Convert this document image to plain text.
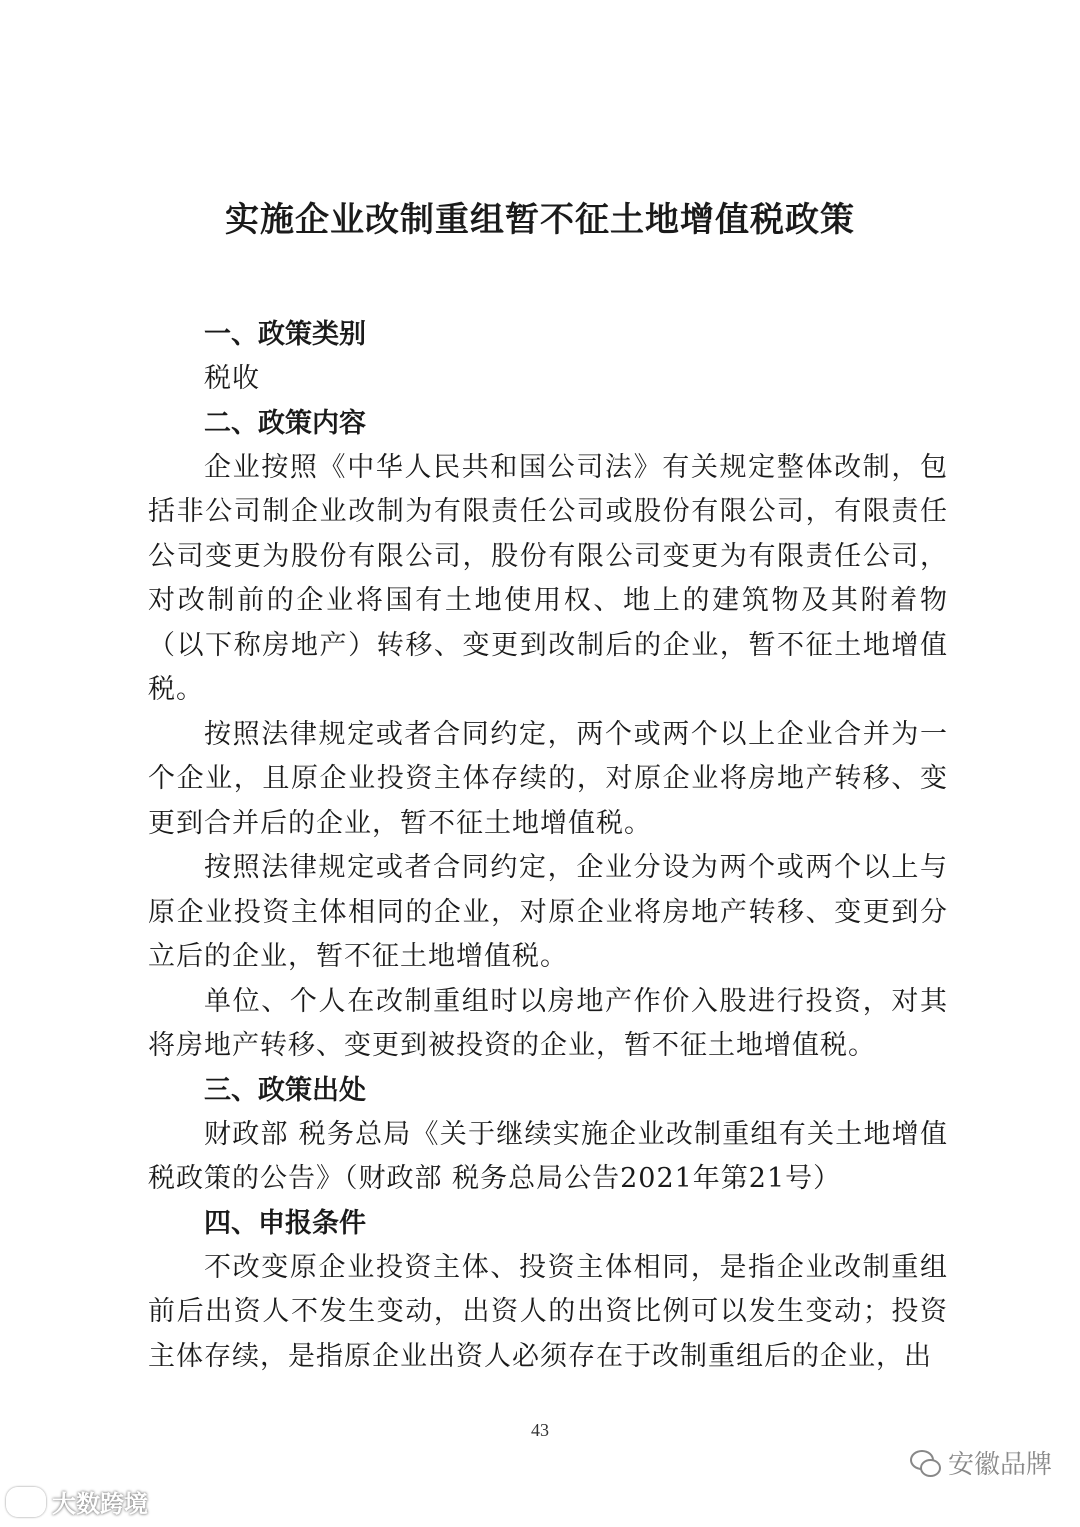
实施企业改制重组暂不征土地增值税政策
一、政策类别

税收

二、政策内容

企业按照《中华人民共和国公司法》有关规定整体改制，包括非公司制企业改制为有限责任公司或股份有限公司，有限责任公司变更为股份有限公司，股份有限公司变更为有限责任公司，对改制前的企业将国有土地使用权、地上的建筑物及其附着物（以下称房地产）转移、变更到改制后的企业，暂不征土地增值税。

按照法律规定或者合同约定，两个或两个以上企业合并为一个企业，且原企业投资主体存续的，对原企业将房地产转移、变更到合并后的企业，暂不征土地增值税。

按照法律规定或者合同约定，企业分设为两个或两个以上与原企业投资主体相同的企业，对原企业将房地产转移、变更到分立后的企业，暂不征土地增值税。

单位、个人在改制重组时以房地产作价入股进行投资，对其将房地产转移、变更到被投资的企业，暂不征土地增值税。

三、政策出处

财政部 税务总局《关于继续实施企业改制重组有关土地增值税政策的公告》（财政部 税务总局公告2021年第21号）

四、申报条件

不改变原企业投资主体、投资主体相同，是指企业改制重组前后出资人不发生变动，出资人的出资比例可以发生变动；投资主体存续，是指原企业出资人必须存在于改制重组后的企业，出

43
安徽品牌
大数跨境
